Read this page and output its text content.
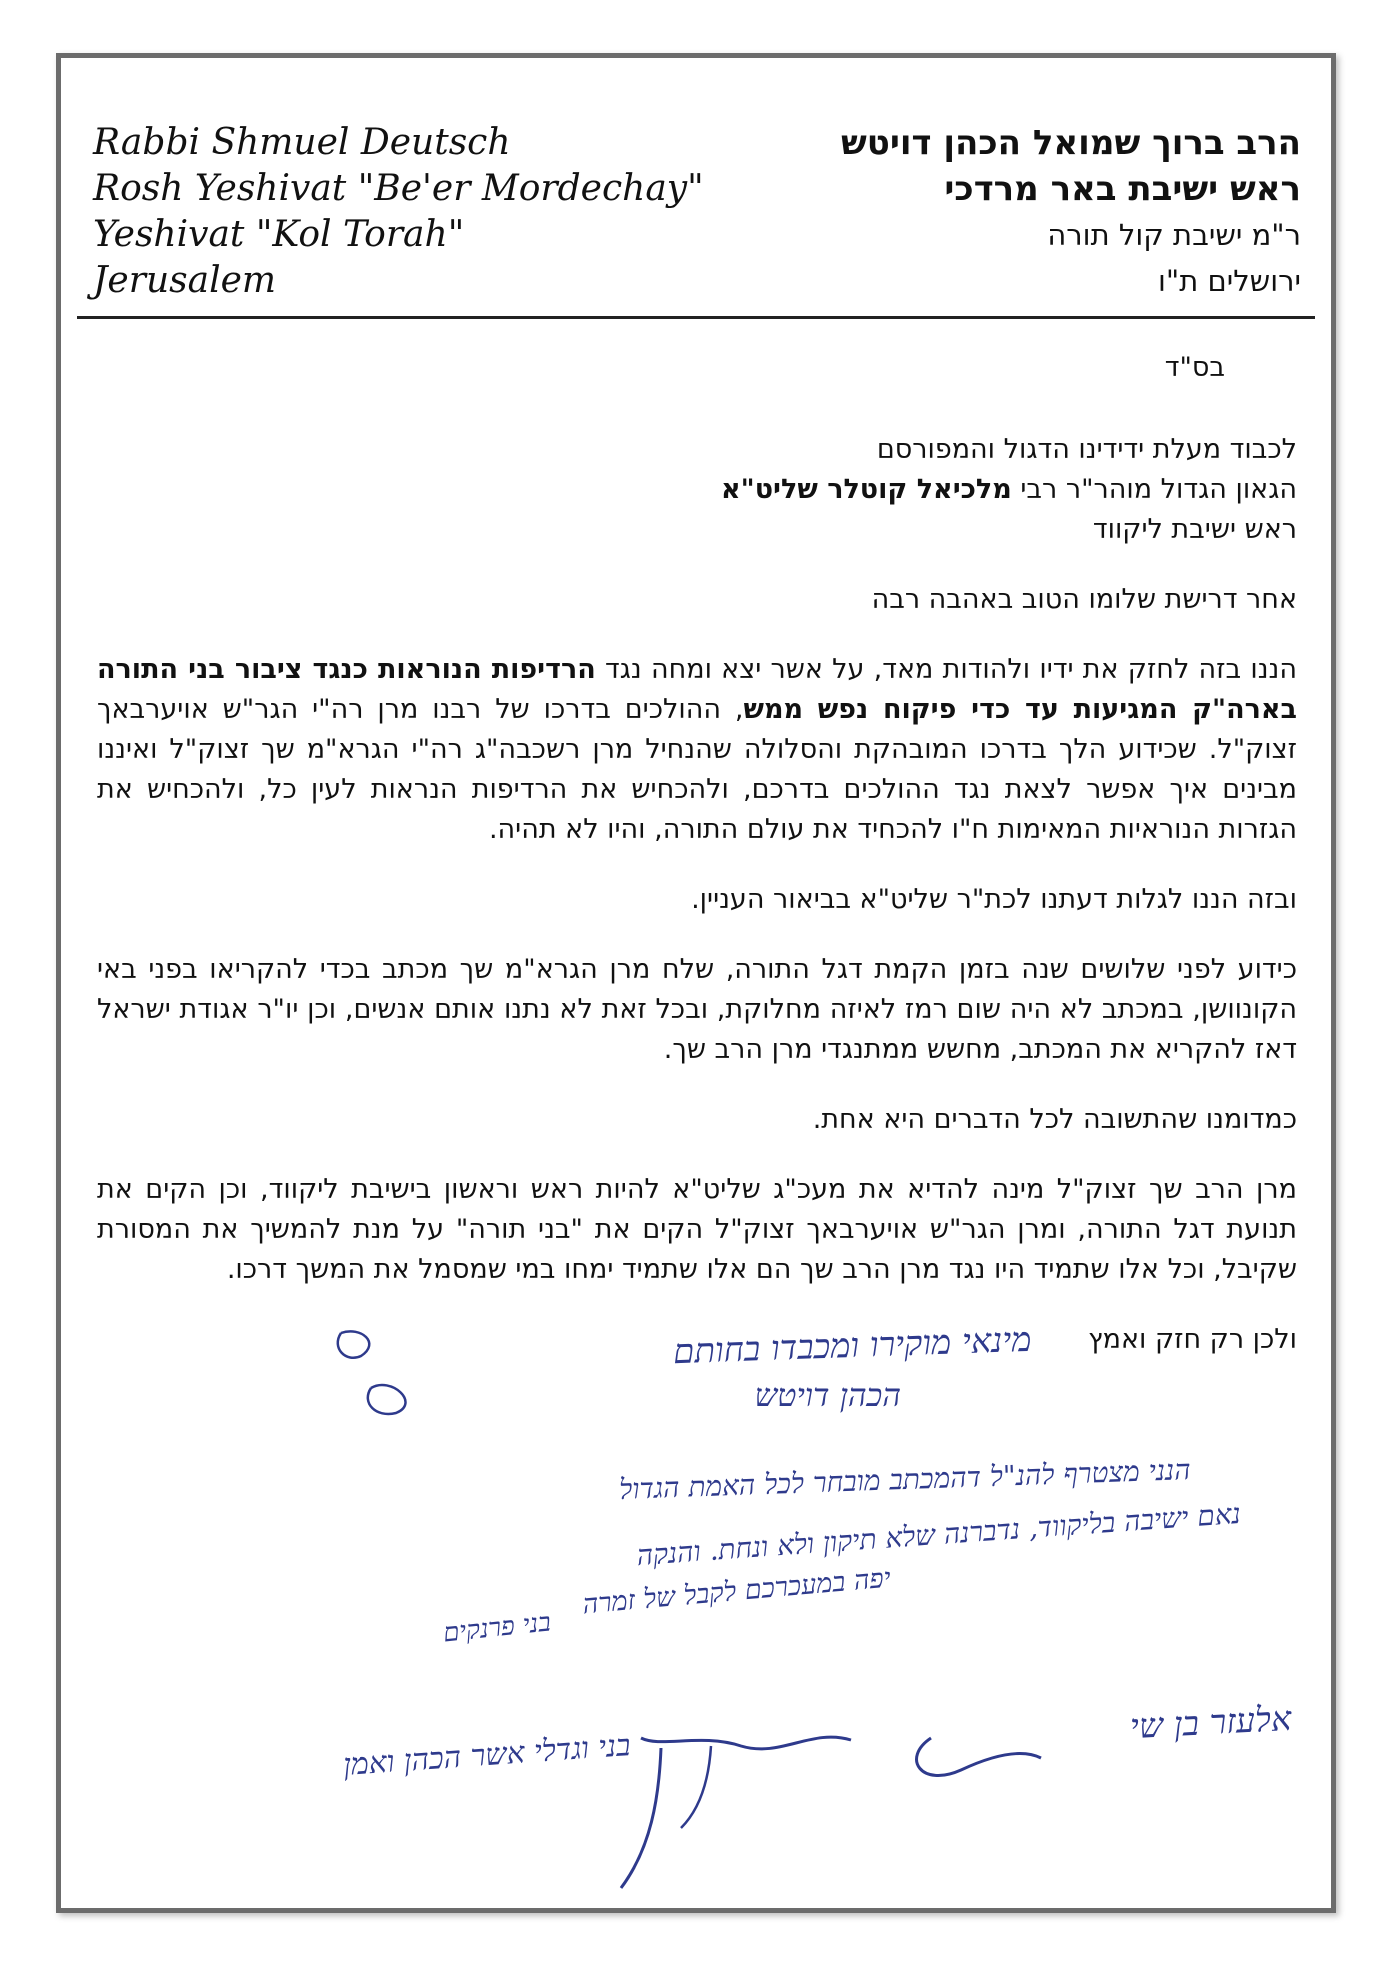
Rabbi Shmuel Deutsch
Rosh Yeshivat "Be'er Mordechay"
Yeshivat "Kol Torah"
Jerusalem
הרב ברוך שמואל הכהן דויטש
ראש ישיבת באר מרדכי
ר"מ ישיבת קול תורה
ירושלים ת"ו

בס"ד

לכבוד מעלת ידידינו הדגול והמפורסם

הגאון הגדול מוהר"ר רבי מלכיאל קוטלר שליט"א

ראש ישיבת ליקווד

אחר דרישת שלומו הטוב באהבה רבה

הננו בזה לחזק את ידיו ולהודות מאד, על אשר יצא ומחה נגד הרדיפות הנוראות כנגד ציבור בני התורה בארה"ק המגיעות עד כדי פיקוח נפש ממש, ההולכים בדרכו של רבנו מרן רה"י הגר"ש אויערבאך זצוק"ל. שכידוע הלך בדרכו המובהקת והסלולה שהנחיל מרן רשכבה"ג רה"י הגרא"מ שך זצוק"ל ואיננו מבינים איך אפשר לצאת נגד ההולכים בדרכם, ולהכחיש את הרדיפות הנראות לעין כל, ולהכחיש את הגזרות הנוראיות המאימות ח"ו להכחיד את עולם התורה, והיו לא תהיה.

ובזה הננו לגלות דעתנו לכת"ר שליט"א בביאור העניין.

כידוע לפני שלושים שנה בזמן הקמת דגל התורה, שלח מרן הגרא"מ שך מכתב בכדי להקריאו בפני באי הקונוושן, במכתב לא היה שום רמז לאיזה מחלוקת, ובכל זאת לא נתנו אותם אנשים, וכן יו"ר אגודת ישראל דאז להקריא את המכתב, מחשש ממתנגדי מרן הרב שך.

כמדומנו שהתשובה לכל הדברים היא אחת.

מרן הרב שך זצוק"ל מינה להדיא את מעכ"ג שליט"א להיות ראש וראשון בישיבת ליקווד, וכן הקים את תנועת דגל התורה, ומרן הגר"ש אויערבאך זצוק"ל הקים את "בני תורה" על מנת להמשיך את המסורת שקיבל, וכל אלו שתמיד היו נגד מרן הרב שך הם אלו שתמיד ימחו במי שמסמל את המשך דרכו.

ולכן רק חזק ואמץ

מינאי מוקירו ומכבדו בחותם
הכהן דויטש
הנני מצטרף להנ"ל דהמכתב מובחר לכל האמת הגדול
נאם ישיבה בליקווד, נדברנה שלא תיקון ולא ונחת. והנקה
יפה במעכרכם לקבל של זמרה
בני פרנקים
אלעזר בן שי
בני וגדלי אשר הכהן ואמן
